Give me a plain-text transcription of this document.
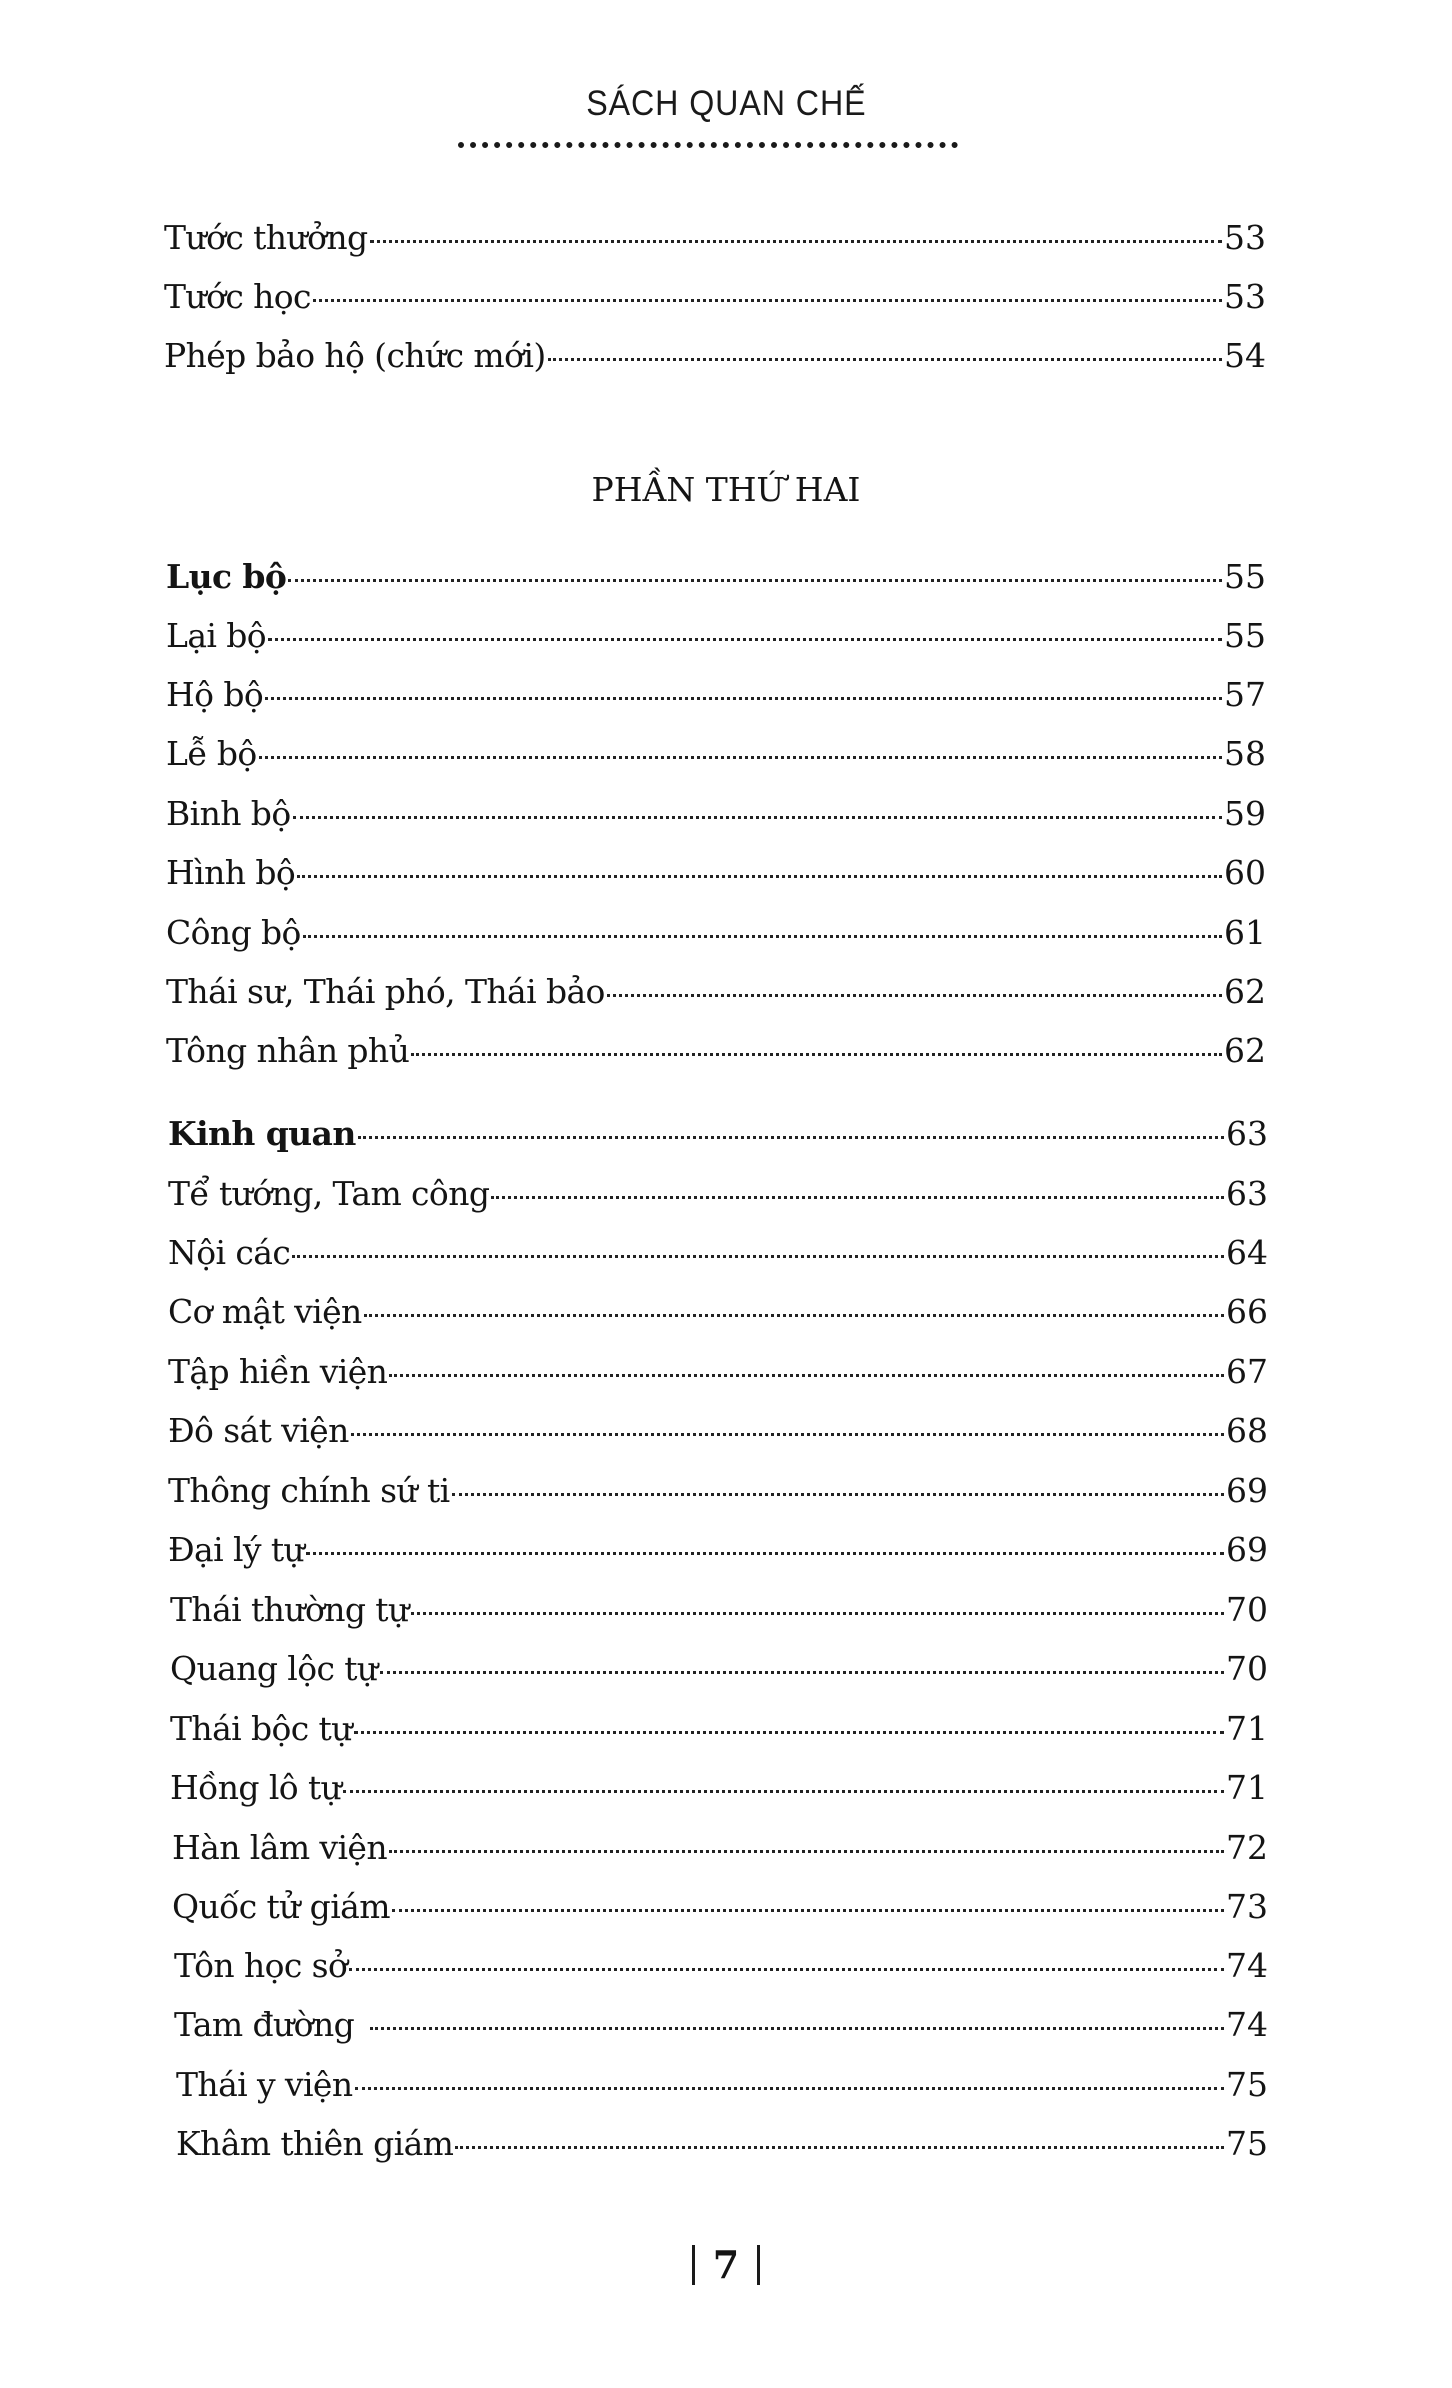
SÁCH QUAN CHẾ
Tước thưởng	53
Tước học	53
Phép bảo hộ (chức mới)	54
PHẦN THỨ HAI
Lục bộ	55
Lại bộ	55
Hộ bộ	57
Lễ bộ	58
Binh bộ	59
Hình bộ	60
Công bộ	61
Thái sư, Thái phó, Thái bảo	62
Tông nhân phủ	62
Kinh quan	63
Tể tướng, Tam công	63
Nội các	64
Cơ mật viện	66
Tập hiền viện	67
Đô sát viện	68
Thông chính sứ ti	69
Đại lý tự	69
Thái thường tự	70
Quang lộc tự	70
Thái bộc tự	71
Hồng lô tự	71
Hàn lâm viện	72
Quốc tử giám	73
Tôn học sở	74
Tam đường	74
Thái y viện	75
Khâm thiên giám	75
7
